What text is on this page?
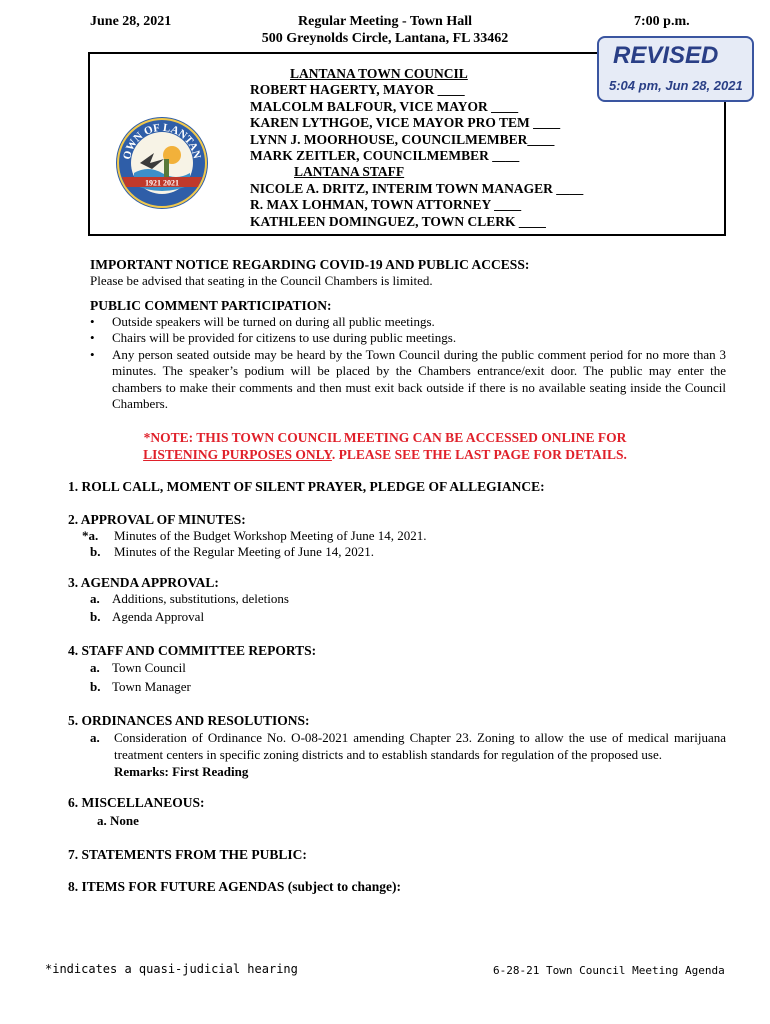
June 28, 2021	Regular Meeting - Town Hall
500 Greynolds Circle, Lantana, FL 33462
7:00 p.m.
OWN OF LANTAN
1921 2021
LANTANA TOWN COUNCIL
ROBERT HAGERTY, MAYOR ____
MALCOLM BALFOUR, VICE MAYOR ____
KAREN LYTHGOE, VICE MAYOR PRO TEM ____
LYNN J. MOORHOUSE, COUNCILMEMBER____
MARK ZEITLER, COUNCILMEMBER ____
LANTANA STAFF
NICOLE A. DRITZ, INTERIM TOWN MANAGER ____
R. MAX LOHMAN, TOWN ATTORNEY ____
KATHLEEN DOMINGUEZ, TOWN CLERK ____
REVISED
5:04 pm, Jun 28, 2021
IMPORTANT NOTICE REGARDING COVID-19 AND PUBLIC ACCESS:
Please be advised that seating in the Council Chambers is limited.
PUBLIC COMMENT PARTICIPATION:
• Outside speakers will be turned on during all public meetings.
• Chairs will be provided for citizens to use during public meetings.
• Any person seated outside may be heard by the Town Council during the public comment period for no more than 3 minutes. The speaker’s podium will be placed by the Chambers entrance/exit door. The public may enter the chambers to make their comments and then must exit back outside if there is no available seating inside the Council Chambers.
*NOTE: THIS TOWN COUNCIL MEETING CAN BE ACCESSED ONLINE FOR
LISTENING PURPOSES ONLY. PLEASE SEE THE LAST PAGE FOR DETAILS.
1. ROLL CALL, MOMENT OF SILENT PRAYER, PLEDGE OF ALLEGIANCE:
2. APPROVAL OF MINUTES:
*a. Minutes of the Budget Workshop Meeting of June 14, 2021.
b. Minutes of the Regular Meeting of June 14, 2021.
3. AGENDA APPROVAL:
a. Additions, substitutions, deletions
b. Agenda Approval
4. STAFF AND COMMITTEE REPORTS:
a. Town Council
b. Town Manager
5. ORDINANCES AND RESOLUTIONS:
a. Consideration of Ordinance No. O-08-2021 amending Chapter 23. Zoning to allow the use of medical marijuana treatment centers in specific zoning districts and to establish standards for regulation of the proposed use.
Remarks: First Reading
6. MISCELLANEOUS:
a. None
7. STATEMENTS FROM THE PUBLIC:
8. ITEMS FOR FUTURE AGENDAS (subject to change):
*indicates a quasi-judicial hearing	6-28-21 Town Council Meeting Agenda
